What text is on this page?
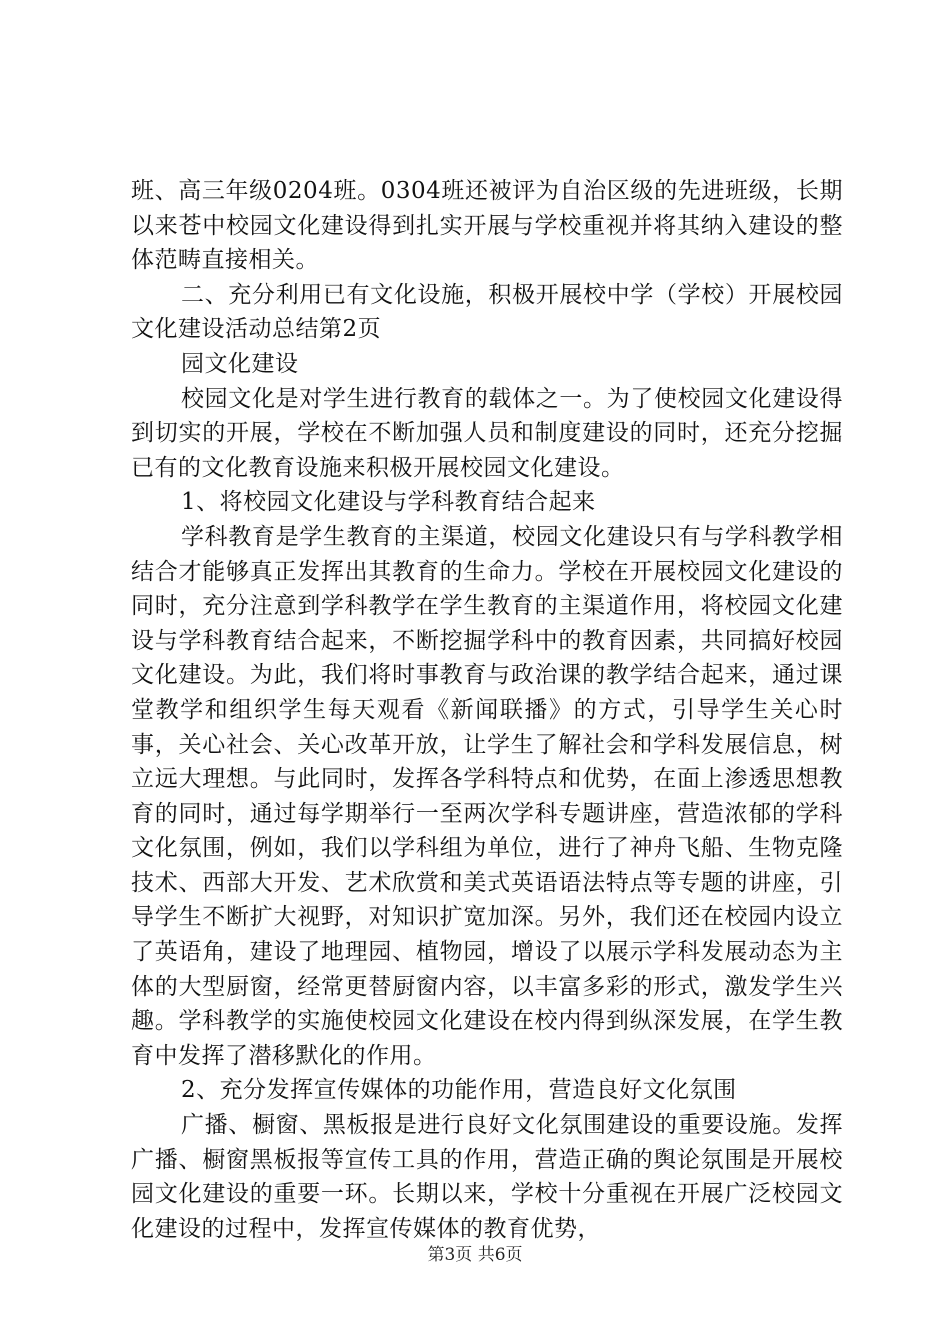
班、高三年级0204班。0304班还被评为自治区级的先进班级，长期以来苍中校园文化建设得到扎实开展与学校重视并将其纳入建设的整体范畴直接相关。

二、充分利用已有文化设施，积极开展校中学（学校）开展校园文化建设活动总结第2页

园文化建设

校园文化是对学生进行教育的载体之一。为了使校园文化建设得到切实的开展，学校在不断加强人员和制度建设的同时，还充分挖掘已有的文化教育设施来积极开展校园文化建设。

1、将校园文化建设与学科教育结合起来

学科教育是学生教育的主渠道，校园文化建设只有与学科教学相结合才能够真正发挥出其教育的生命力。学校在开展校园文化建设的同时，充分注意到学科教学在学生教育的主渠道作用，将校园文化建设与学科教育结合起来，不断挖掘学科中的教育因素，共同搞好校园文化建设。为此，我们将时事教育与政治课的教学结合起来，通过课堂教学和组织学生每天观看《新闻联播》的方式，引导学生关心时事，关心社会、关心改革开放，让学生了解社会和学科发展信息，树立远大理想。与此同时，发挥各学科特点和优势，在面上渗透思想教育的同时，通过每学期举行一至两次学科专题讲座，营造浓郁的学科文化氛围，例如，我们以学科组为单位，进行了神舟飞船、生物克隆技术、西部大开发、艺术欣赏和美式英语语法特点等专题的讲座，引导学生不断扩大视野，对知识扩宽加深。另外，我们还在校园内设立了英语角，建设了地理园、植物园，增设了以展示学科发展动态为主体的大型厨窗，经常更替厨窗内容，以丰富多彩的形式，激发学生兴趣。学科教学的实施使校园文化建设在校内得到纵深发展，在学生教育中发挥了潜移默化的作用。

2、充分发挥宣传媒体的功能作用，营造良好文化氛围

广播、橱窗、黑板报是进行良好文化氛围建设的重要设施。发挥广播、橱窗黑板报等宣传工具的作用，营造正确的舆论氛围是开展校园文化建设的重要一环。长期以来，学校十分重视在开展广泛校园文化建设的过程中，发挥宣传媒体的教育优势，

第3页 共6页
